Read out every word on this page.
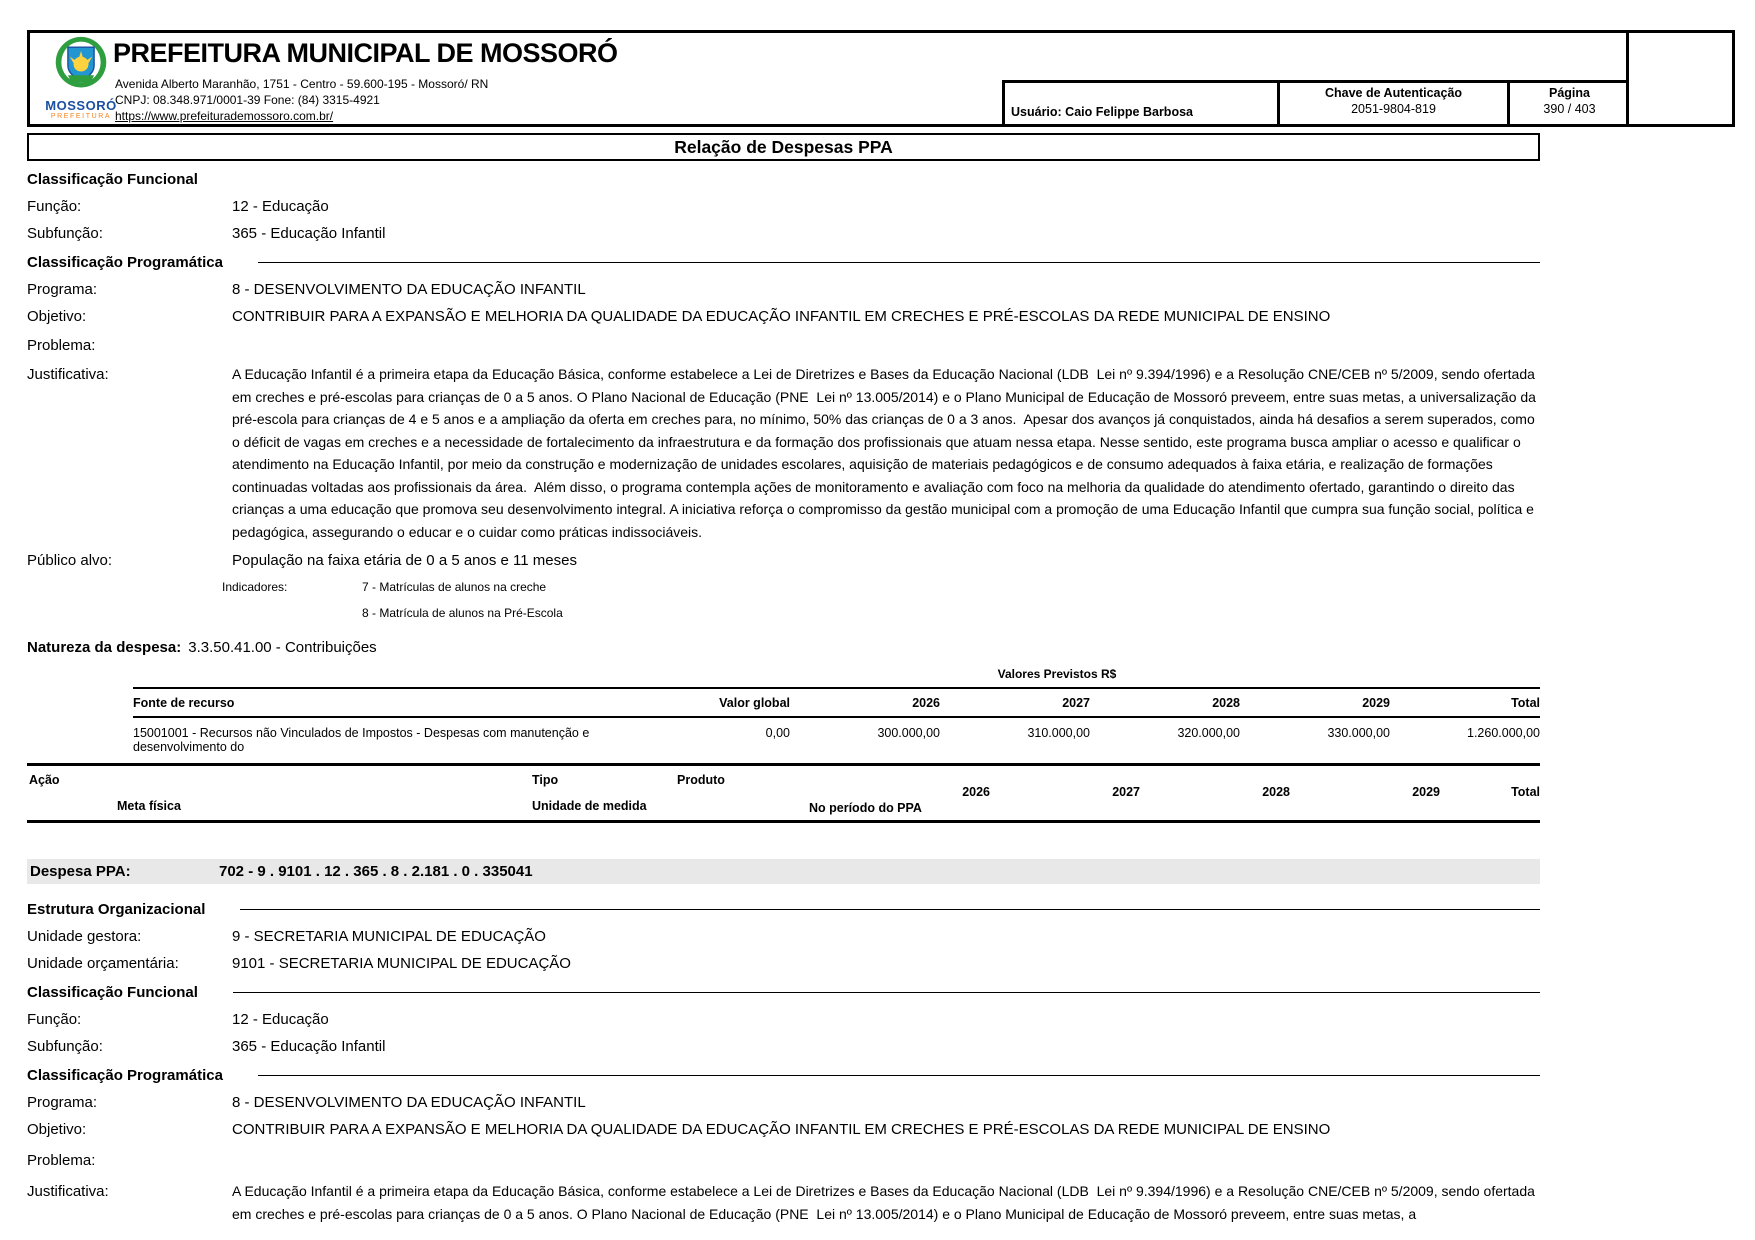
MOSSORÓ
PREFEITURA
PREFEITURA MUNICIPAL DE MOSSORÓ
Avenida Alberto Maranhão, 1751 - Centro - 59.600-195 - Mossoró/ RN
CNPJ: 08.348.971/0001-39 Fone: (84) 3315-4921
https://www.prefeiturademossoro.com.br/	Usuário: Caio Felippe Barbosa
Chave de Autenticação
2051-9804-819
Página
390 / 403
Relação de Despesas PPA
Classificação Funcional
Função:	12 - Educação
Subfunção:	365 - Educação Infantil
Classificação Programática
Programa:	8 - DESENVOLVIMENTO DA EDUCAÇÃO INFANTIL
Objetivo:	CONTRIBUIR PARA A EXPANSÃO E MELHORIA DA QUALIDADE DA EDUCAÇÃO INFANTIL EM CRECHES E PRÉ-ESCOLAS DA REDE MUNICIPAL DE ENSINO
Problema:
Justificativa:	A Educação Infantil é a primeira etapa da Educação Básica, conforme estabelece a Lei de Diretrizes e Bases da Educação Nacional (LDB  Lei nº 9.394/1996) e a Resolução CNE/CEB nº 5/2009, sendo ofertada em creches e pré-escolas para crianças de 0 a 5 anos. O Plano Nacional de Educação (PNE  Lei nº 13.005/2014) e o Plano Municipal de Educação de Mossoró preveem, entre suas metas, a universalização da pré-escola para crianças de 4 e 5 anos e a ampliação da oferta em creches para, no mínimo, 50% das crianças de 0 a 3 anos.  Apesar dos avanços já conquistados, ainda há desafios a serem superados, como o déficit de vagas em creches e a necessidade de fortalecimento da infraestrutura e da formação dos profissionais que atuam nessa etapa. Nesse sentido, este programa busca ampliar o acesso e qualificar o atendimento na Educação Infantil, por meio da construção e modernização de unidades escolares, aquisição de materiais pedagógicos e de consumo adequados à faixa etária, e realização de formações continuadas voltadas aos profissionais da área.  Além disso, o programa contempla ações de monitoramento e avaliação com foco na melhoria da qualidade do atendimento ofertado, garantindo o direito das crianças a uma educação que promova seu desenvolvimento integral. A iniciativa reforça o compromisso da gestão municipal com a promoção de uma Educação Infantil que cumpra sua função social, política e pedagógica, assegurando o educar e o cuidar como práticas indissociáveis.
Público alvo:	População na faixa etária de 0 a 5 anos e 11 meses
Indicadores:	7 - Matrículas de alunos na creche
8 - Matrícula de alunos na Pré-Escola
Natureza da despesa: 3.3.50.41.00 - Contribuições
Valores Previstos R$
Fonte de recurso	Valor global	2026	2027	2028	2029	Total
15001001 - Recursos não Vinculados de Impostos - Despesas com manutenção e desenvolvimento do
0,00	300.000,00	310.000,00	320.000,00	330.000,00	1.260.000,00
Ação	Tipo	Produto
Meta física	Unidade de medida	No período do PPA
2026	2027	2028	2029	Total
Despesa PPA:	702 - 9 . 9101 . 12 . 365 . 8 . 2.181 . 0 . 335041
Estrutura Organizacional
Unidade gestora:	9 - SECRETARIA MUNICIPAL DE EDUCAÇÃO
Unidade orçamentária:	9101 - SECRETARIA MUNICIPAL DE EDUCAÇÃO
Classificação Funcional
Função:	12 - Educação
Subfunção:	365 - Educação Infantil
Classificação Programática
Programa:	8 - DESENVOLVIMENTO DA EDUCAÇÃO INFANTIL
Objetivo:	CONTRIBUIR PARA A EXPANSÃO E MELHORIA DA QUALIDADE DA EDUCAÇÃO INFANTIL EM CRECHES E PRÉ-ESCOLAS DA REDE MUNICIPAL DE ENSINO
Problema:
Justificativa:	A Educação Infantil é a primeira etapa da Educação Básica, conforme estabelece a Lei de Diretrizes e Bases da Educação Nacional (LDB  Lei nº 9.394/1996) e a Resolução CNE/CEB nº 5/2009, sendo ofertada em creches e pré-escolas para crianças de 0 a 5 anos. O Plano Nacional de Educação (PNE  Lei nº 13.005/2014) e o Plano Municipal de Educação de Mossoró preveem, entre suas metas, a
